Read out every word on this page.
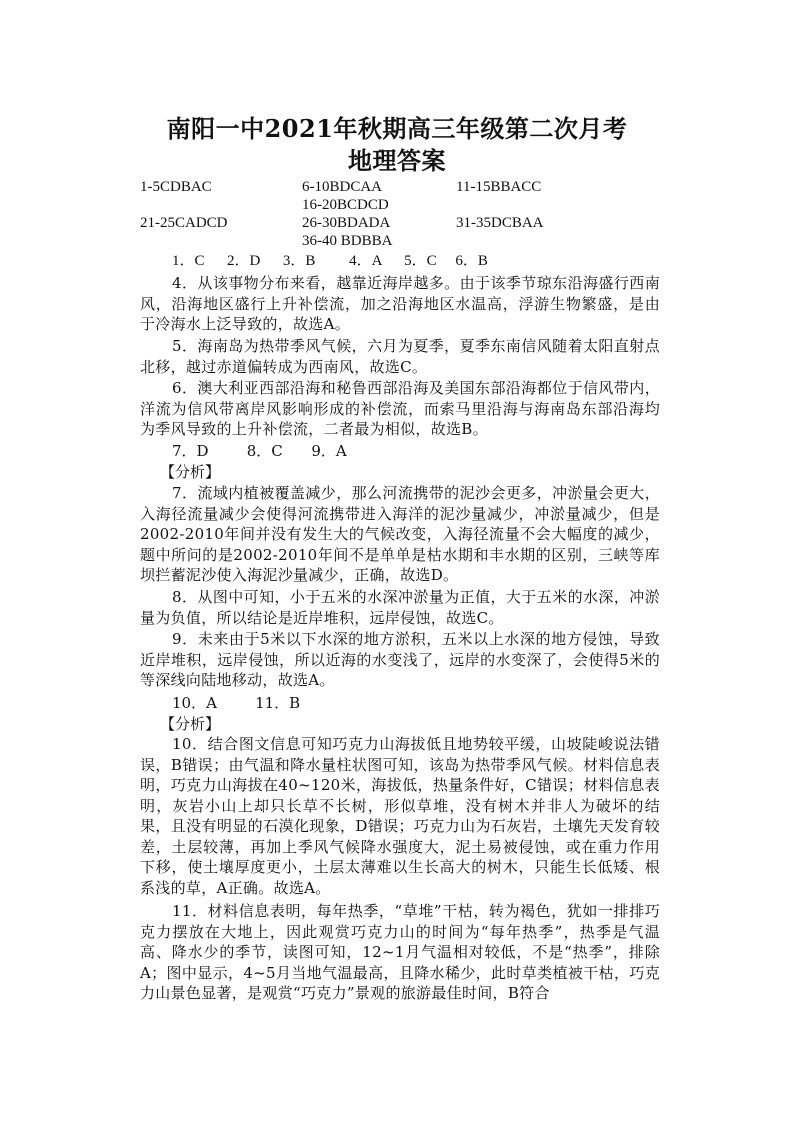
南阳一中2021年秋期高三年级第二次月考
地理答案
1-5CDBAC	6-10BDCAA	11-15BBACC
16-20BCDCD
21-25CADCD	26-30BDADA	31-35DCBAA
36-40 BDBBA
1．C      2．D      3．B         4．A      5．C     6．B
4．从该事物分布来看，越靠近海岸越多。由于该季节琼东沿海盛行西南风，沿海地区盛行上升补偿流，加之沿海地区水温高，浮游生物繁盛，是由于冷海水上泛导致的，故选A。
5．海南岛为热带季风气候，六月为夏季，夏季东南信风随着太阳直射点北移，越过赤道偏转成为西南风，故选C。
6．澳大利亚西部沿海和秘鲁西部沿海及美国东部沿海都位于信风带内，洋流为信风带离岸风影响形成的补偿流，而索马里沿海与海南岛东部沿海均为季风导致的上升补偿流，二者最为相似，故选B。
7．D        8．C      9．A
【分析】
7．流域内植被覆盖减少，那么河流携带的泥沙会更多，冲淤量会更大，入海径流量减少会使得河流携带进入海洋的泥沙量减少，冲淤量减少，但是2002-2010年间并没有发生大的气候改变，入海径流量不会大幅度的减少，题中所问的是2002-2010年间不是单单是枯水期和丰水期的区别，三峡等库坝拦蓄泥沙使入海泥沙量减少，正确，故选D。
8．从图中可知，小于五米的水深冲淤量为正值，大于五米的水深，冲淤量为负值，所以结论是近岸堆积，远岸侵蚀，故选C。
9．未来由于5米以下水深的地方淤积，五米以上水深的地方侵蚀，导致近岸堆积，远岸侵蚀，所以近海的水变浅了，远岸的水变深了，会使得5米的等深线向陆地移动，故选A。
10．A        11．B
【分析】
10．结合图文信息可知巧克力山海拔低且地势较平缓，山坡陡峻说法错误，B错误；由气温和降水量柱状图可知，该岛为热带季风气候。材料信息表明，巧克力山海拔在40~120米，海拔低，热量条件好，C错误；材料信息表明，灰岩小山上却只长草不长树，形似草堆，没有树木并非人为破坏的结果，且没有明显的石漠化现象，D错误；巧克力山为石灰岩，土壤先天发育较差，土层较薄，再加上季风气候降水强度大，泥土易被侵蚀，或在重力作用下移，使土壤厚度更小，土层太薄难以生长高大的树木，只能生长低矮、根系浅的草，A正确。故选A。
11．材料信息表明，每年热季，“草堆”干枯，转为褐色，犹如一排排巧克力摆放在大地上，因此观赏巧克力山的时间为“每年热季”，热季是气温高、降水少的季节，读图可知，12~1月气温相对较低，不是“热季”，排除A；图中显示，4~5月当地气温最高，且降水稀少，此时草类植被干枯，巧克力山景色显著，是观赏“巧克力”景观的旅游最佳时间，B符合
